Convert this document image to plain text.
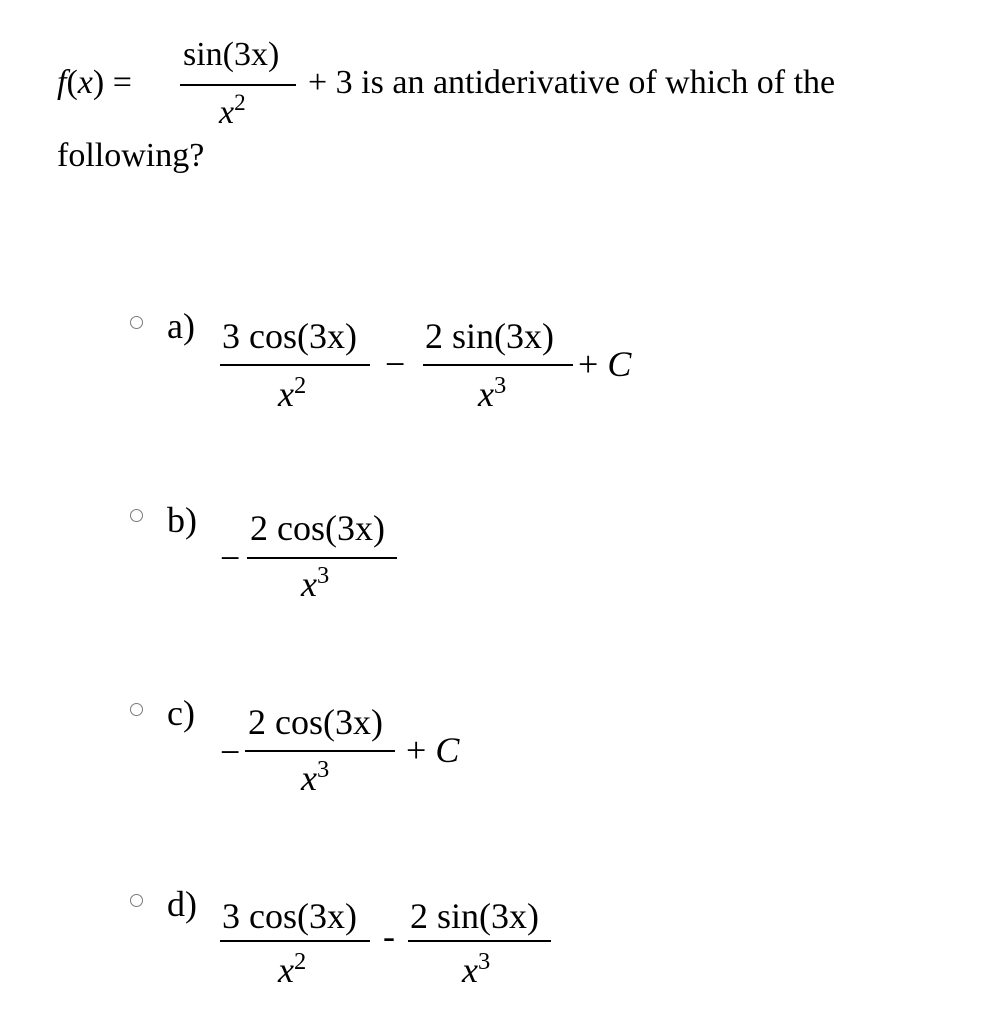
f(x) =
sin(3x)
$x^2$
+ 3 is an antiderivative of which of the
following?
a) 3 cos(3x)
$x^2$
−
2 sin(3x)
$x^3$
+ C
b)
−
2 cos(3x)
$x^3$
c)
−
2 cos(3x)
$x^3 + C$
d) 3 cos(3x)
$x^2$
- 2 sin(3x)
$x^3$
